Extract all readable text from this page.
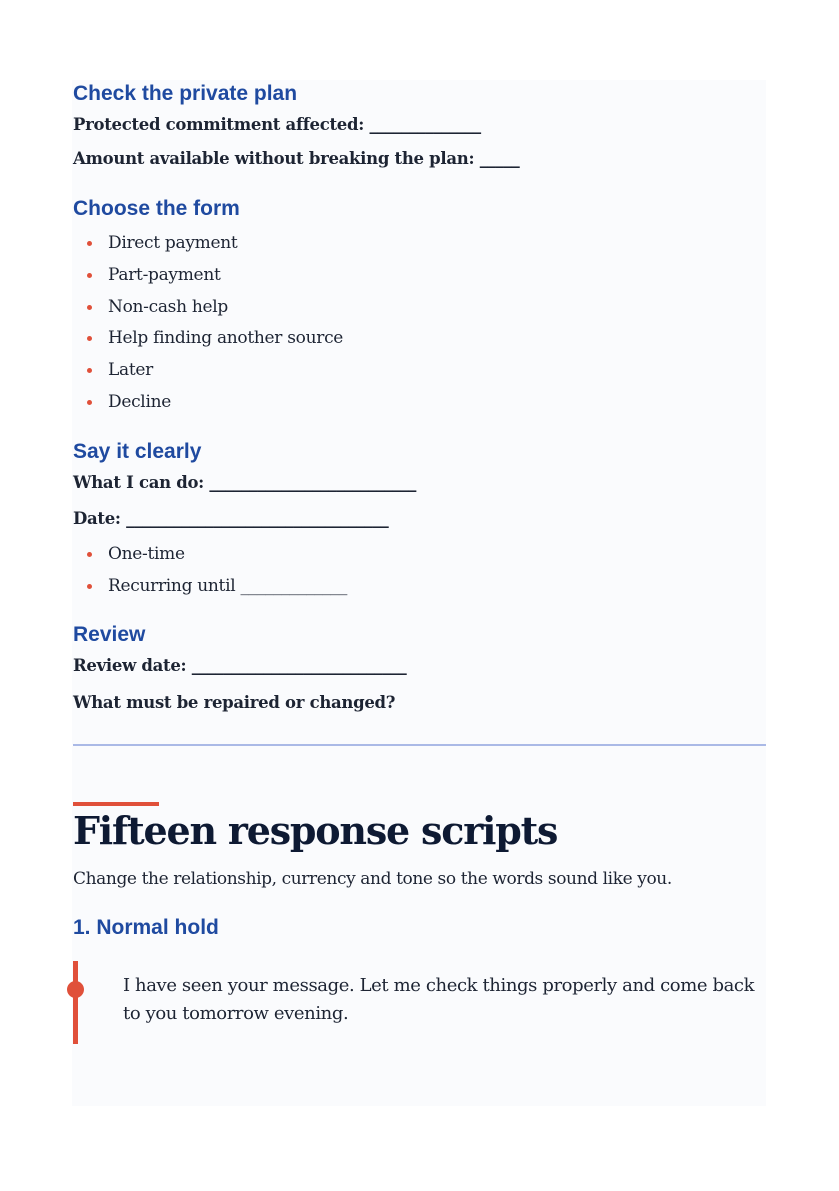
Check the private plan
Protected commitment affected: ______________
Amount available without breaking the plan: _____
Choose the form
Direct payment
Part-payment
Non-cash help
Help finding another source
Later
Decline
Say it clearly
What I can do: __________________________
Date: _________________________________
One-time
Recurring until _____________
Review
Review date: ___________________________
What must be repaired or changed?
Fifteen response scripts
Change the relationship, currency and tone so the words sound like you.
1. Normal hold

I have seen your message. Let me check things properly and come back to you tomorrow evening.
